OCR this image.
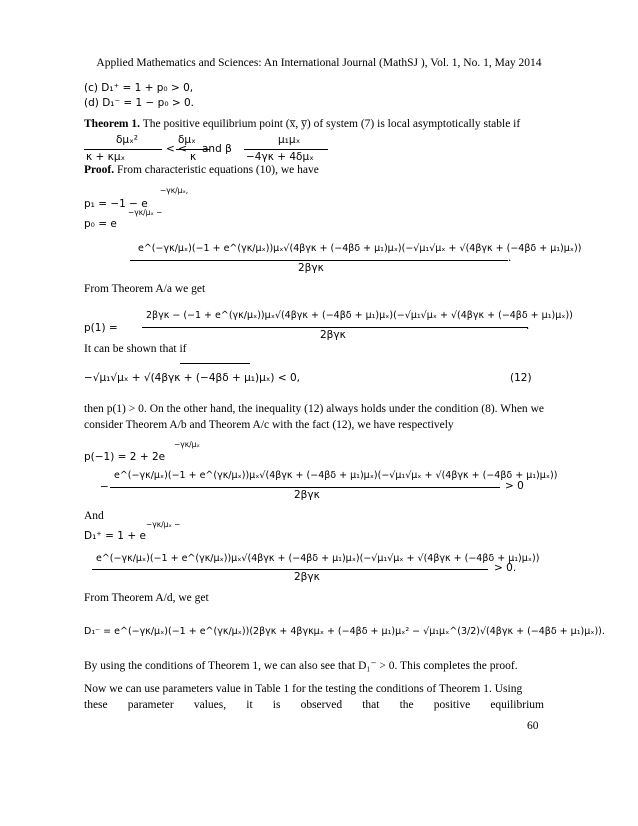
Applied Mathematics and Sciences: An International Journal (MathSJ ), Vol. 1, No. 1, May 2014
(c) D₁⁺ = 1 + p₀ > 0,
(d) D₁⁻ = 1 − p₀ > 0.
Theorem 1. The positive equilibrium point (x̅, y̅) of system (7) is local asymptotically stable if
δμₓ²
κ + κμₓ
< <
δμₓ
κ
and β
μ₁μₓ
−4γκ + 4δμₓ
Proof. From characteristic equations (10), we have
p₁ = −1 − e
−γκ/μₓ,
p₀ = e
−γκ/μₓ −
e^(−γκ/μₓ)(−1 + e^(γκ/μₓ))μₓ√(4βγκ + (−4βδ + μ₁)μₓ)(−√μ₁√μₓ + √(4βγκ + (−4βδ + μ₁)μₓ))
2βγκ
.
From Theorem A/a we get
p(1) =
2βγκ − (−1 + e^(γκ/μₓ))μₓ√(4βγκ + (−4βδ + μ₁)μₓ)(−√μ₁√μₓ + √(4βγκ + (−4βδ + μ₁)μₓ))
2βγκ
.
It can be shown that if
−√μ₁√μₓ + √(4βγκ + (−4βδ + μ₁)μₓ) < 0,	(12)
then p(1) > 0. On the other hand, the inequality (12) always holds under the condition (8). When we consider Theorem A/b and Theorem A/c with the fact (12), we have respectively
p(−1) = 2 + 2e
−γκ/μₓ
−
e^(−γκ/μₓ)(−1 + e^(γκ/μₓ))μₓ√(4βγκ + (−4βδ + μ₁)μₓ)(−√μ₁√μₓ + √(4βγκ + (−4βδ + μ₁)μₓ))
2βγκ
> 0
And
D₁⁺ = 1 + e
−γκ/μₓ −
e^(−γκ/μₓ)(−1 + e^(γκ/μₓ))μₓ√(4βγκ + (−4βδ + μ₁)μₓ)(−√μ₁√μₓ + √(4βγκ + (−4βδ + μ₁)μₓ))
2βγκ
> 0.
From Theorem A/d, we get
D₁⁻ = e^(−γκ/μₓ)(−1 + e^(γκ/μₓ))(2βγκ + 4βγκμₓ + (−4βδ + μ₁)μₓ² − √μ₁μₓ^(3/2)√(4βγκ + (−4βδ + μ₁)μₓ)).
By using the conditions of Theorem 1, we can also see that D₁⁻ > 0. This completes the proof.
Now we can use parameters value in Table 1 for the testing the conditions of Theorem 1. Using
these parameter values, it is observed that the positive equilibrium
60
